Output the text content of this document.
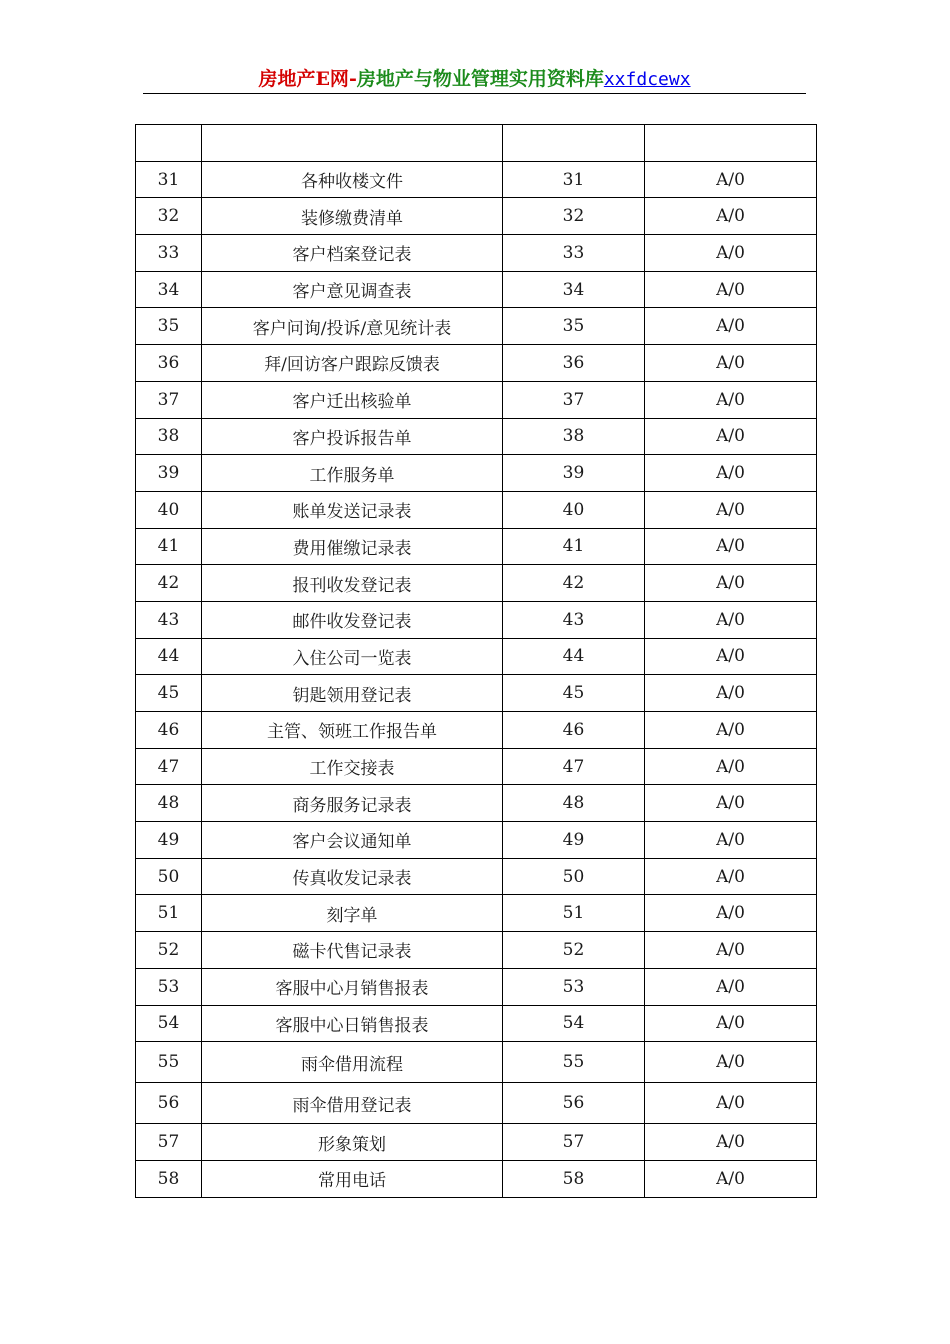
房地产E网-房地产与物业管理实用资料库xxfdcewx

31	各种收楼文件	31	A/0
32	装修缴费清单	32	A/0
33	客户档案登记表	33	A/0
34	客户意见调查表	34	A/0
35	客户问询/投诉/意见统计表	35	A/0
36	拜/回访客户跟踪反馈表	36	A/0
37	客户迁出核验单	37	A/0
38	客户投诉报告单	38	A/0
39	工作服务单	39	A/0
40	账单发送记录表	40	A/0
41	费用催缴记录表	41	A/0
42	报刊收发登记表	42	A/0
43	邮件收发登记表	43	A/0
44	入住公司一览表	44	A/0
45	钥匙领用登记表	45	A/0
46	主管、领班工作报告单	46	A/0
47	工作交接表	47	A/0
48	商务服务记录表	48	A/0
49	客户会议通知单	49	A/0
50	传真收发记录表	50	A/0
51	刻字单	51	A/0
52	磁卡代售记录表	52	A/0
53	客服中心月销售报表	53	A/0
54	客服中心日销售报表	54	A/0
55	雨伞借用流程	55	A/0
56	雨伞借用登记表	56	A/0
57	形象策划	57	A/0
58	常用电话	58	A/0
